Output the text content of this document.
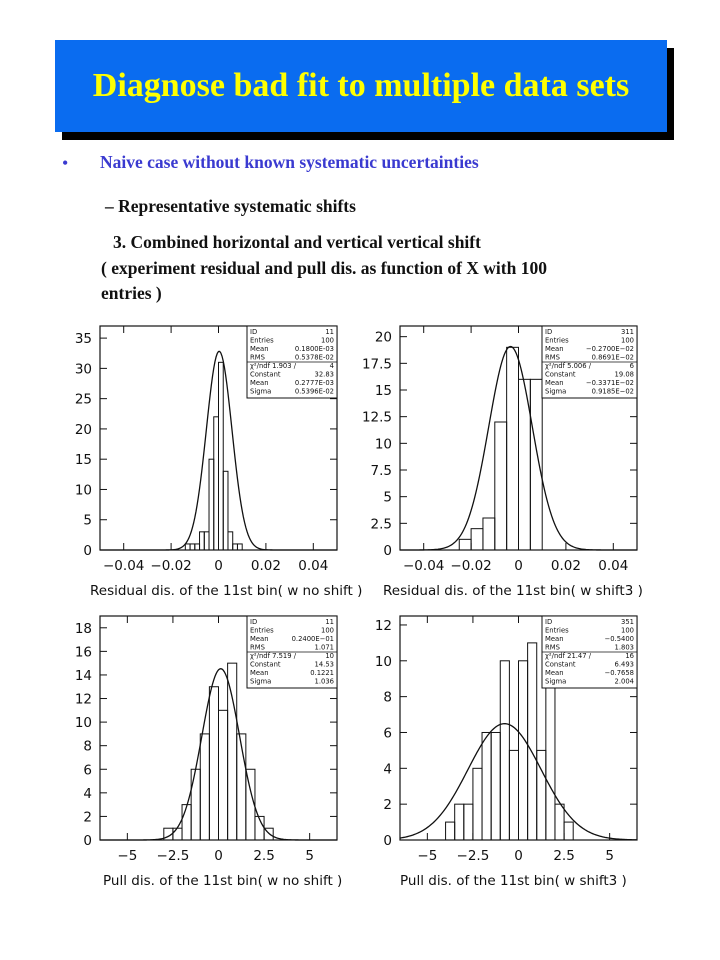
Diagnose bad fit to multiple data sets
• Naive case without known systematic uncertainties
– Representative systematic shifts
3. Combined horizontal and vertical vertical shift
( experiment residual and pull dis. as function of X with 100
entries )
0
5
10
15
20
25
30
35
−0.04 −0.02 0 0.02 0.04
ID	11
Entries	100
Mean	0.1800E-03
RMS	0.5378E-02
χ²/ndf 1.903 /	4
Constant	32.83
Mean	0.2777E-03
Sigma	0.5396E-02
Residual dis. of the 11st bin( w no shift )
0
2.5
5
7.5
10
12.5
15
17.5
20
−0.04 −0.02 0 0.02 0.04
ID	311
Entries	100
Mean	−0.2700E−02
RMS	0.8691E−02
χ²/ndf 5.006 /	6
Constant	19.08
Mean	−0.3371E−02
Sigma	0.9185E−02
Residual dis. of the 11st bin( w shift3 )
0
2
4
6
8
10
12
14
16
18
−5 −2.5 0 2.5 5
ID	11
Entries	100
Mean	0.2400E−01
RMS	1.071
χ²/ndf 7.519 /	10
Constant	14.53
Mean	0.1221
Sigma	1.036
Pull dis. of the 11st bin( w no shift )
0
2
4
6
8
10
12
−5 −2.5 0 2.5 5
ID	351
Entries	100
Mean	−0.5400
RMS	1.803
χ²/ndf 21.47 /	16
Constant	6.493
Mean	−0.7658
Sigma	2.004
Pull dis. of the 11st bin( w shift3 )
